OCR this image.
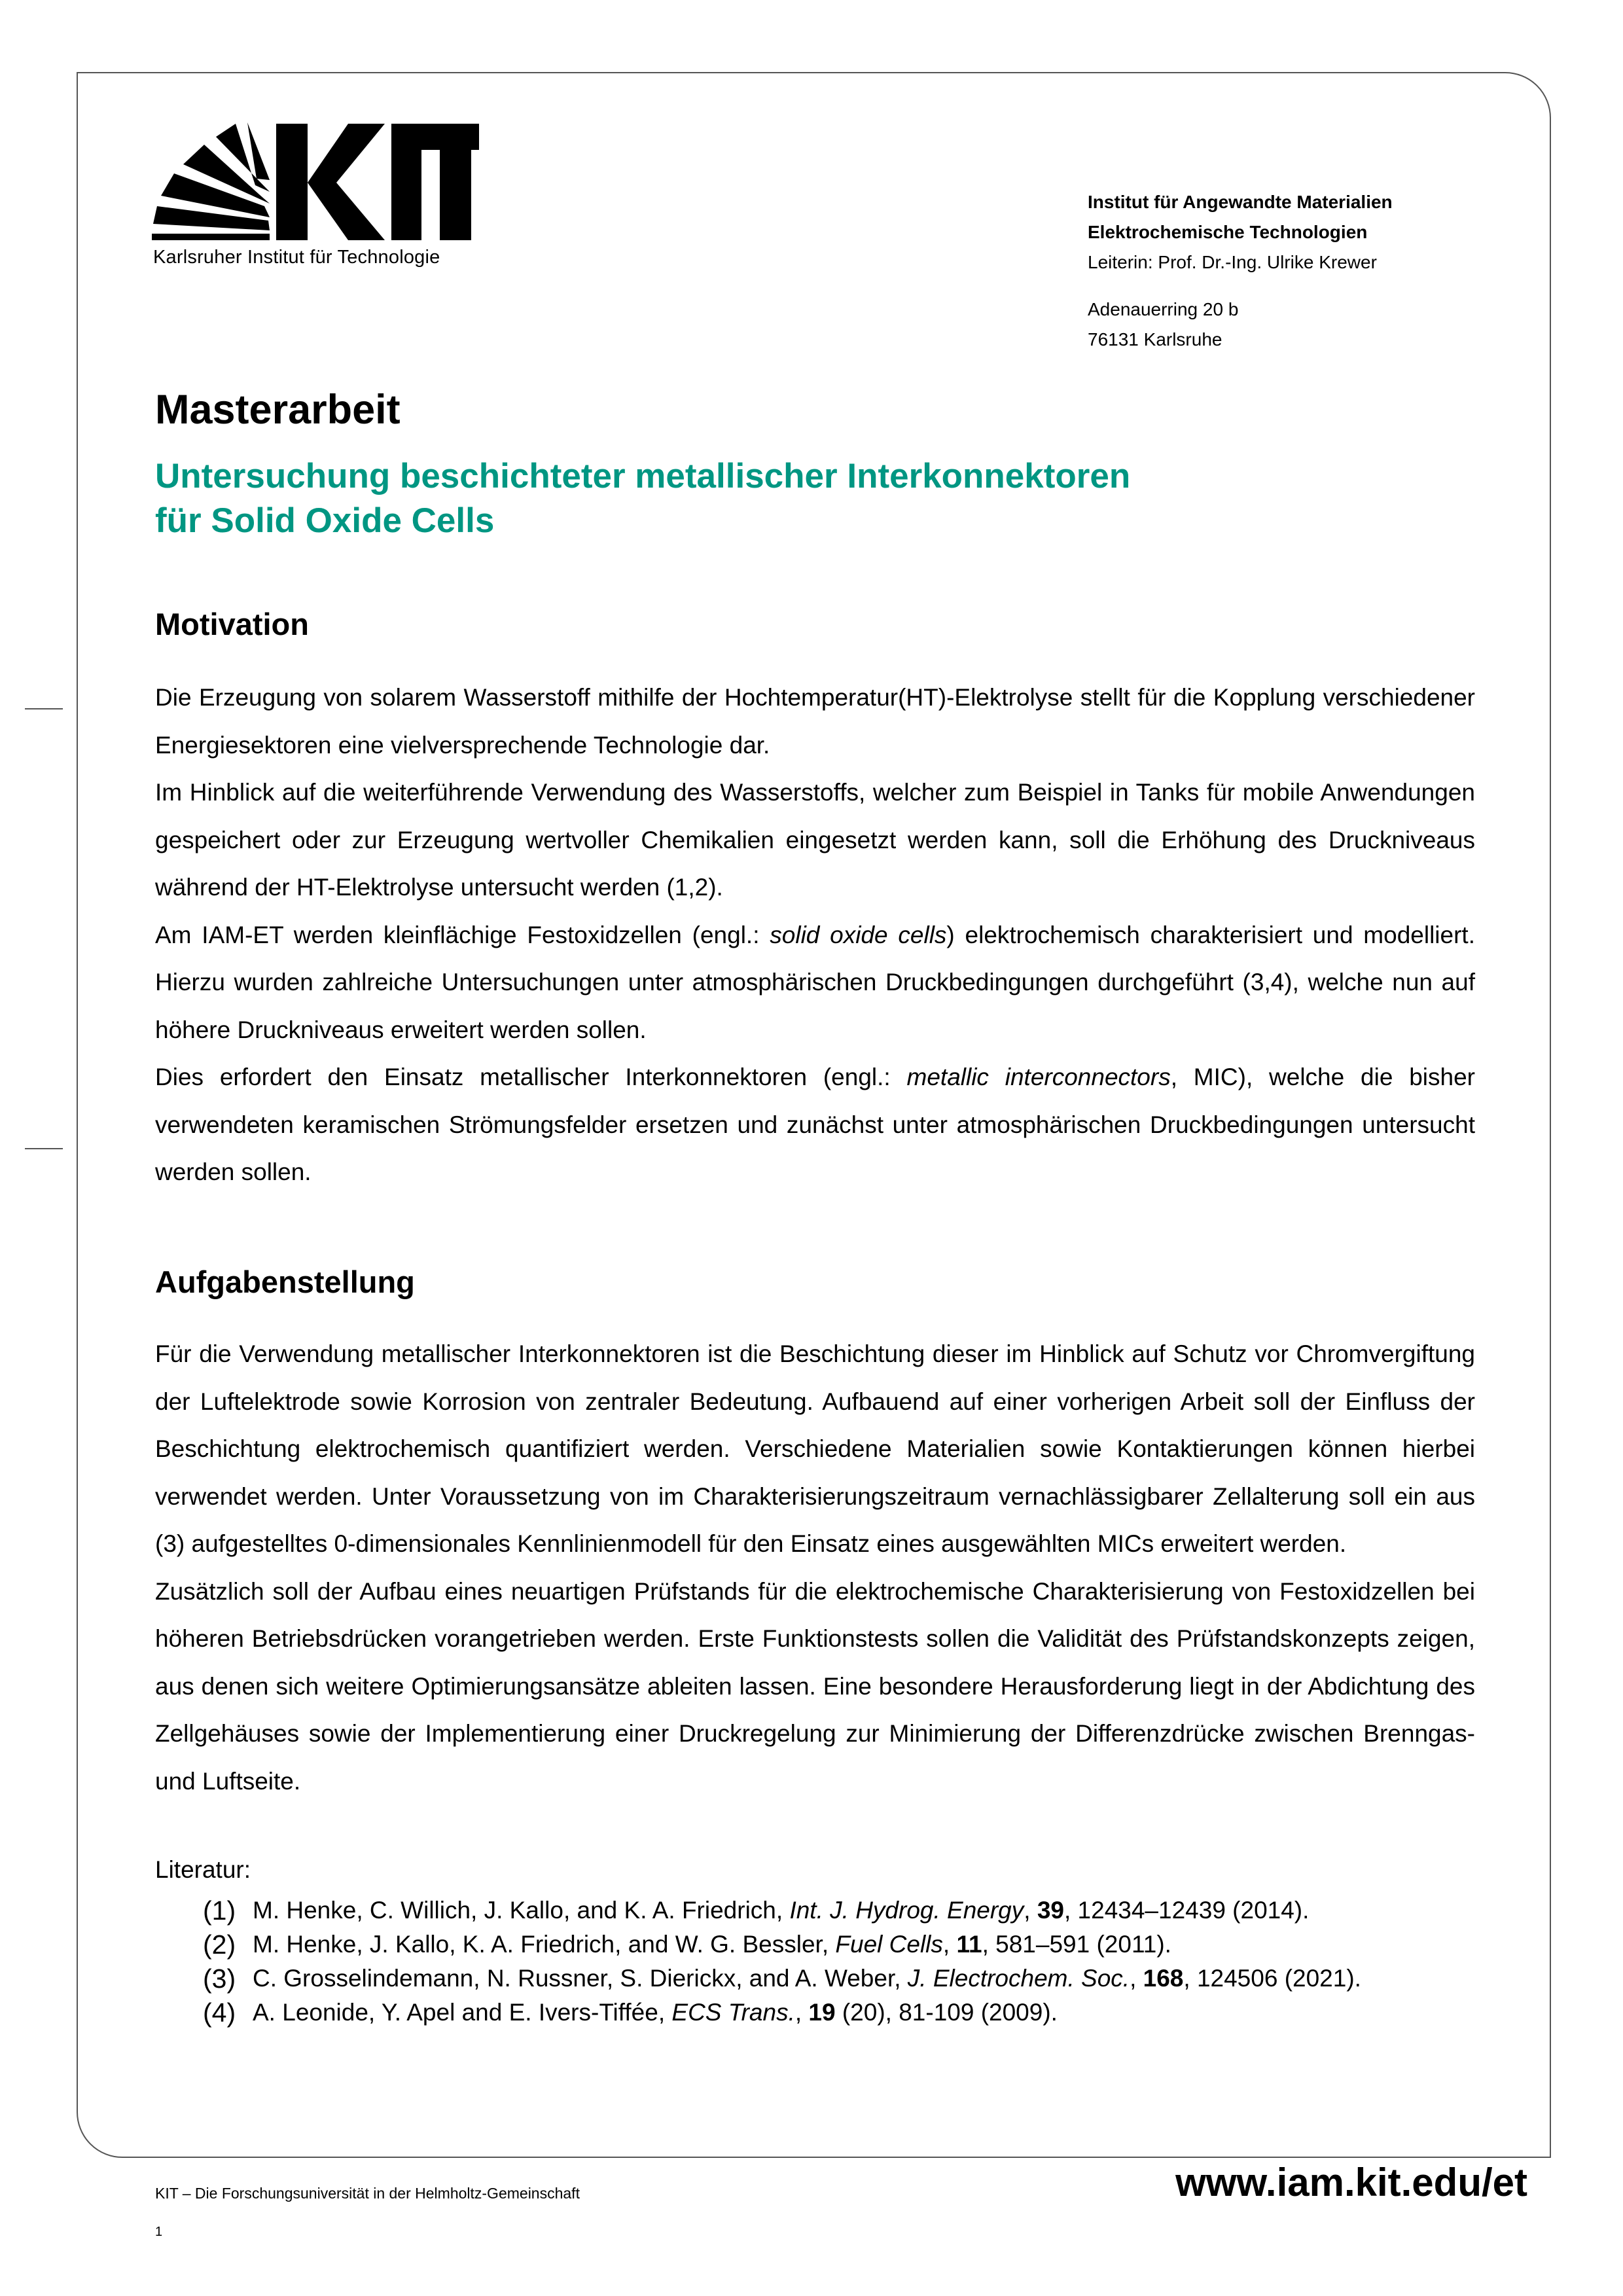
Karlsruher Institut für Technologie
Institut für Angewandte Materialien
Elektrochemische Technologien
Leiterin: Prof. Dr.-Ing. Ulrike Krewer
Adenauerring 20 b
76131 Karlsruhe
Masterarbeit
Untersuchung beschichteter metallischer Interkonnektoren
für Solid Oxide Cells
Motivation

Die Erzeugung von solarem Wasserstoff mithilfe der Hochtemperatur(HT)-Elektrolyse stellt für die Kopplung verschiedener Energiesektoren eine vielversprechende Technologie dar.

Im Hinblick auf die weiterführende Verwendung des Wasserstoffs, welcher zum Beispiel in Tanks für mobile Anwendungen gespeichert oder zur Erzeugung wertvoller Chemikalien eingesetzt werden kann, soll die Erhöhung des Druckniveaus während der HT-Elektrolyse untersucht werden (1,2).

Am IAM-ET werden kleinflächige Festoxidzellen (engl.: solid oxide cells) elektrochemisch charakterisiert und modelliert. Hierzu wurden zahlreiche Untersuchungen unter atmosphärischen Druckbedingungen durchgeführt (3,4), welche nun auf höhere Druckniveaus erweitert werden sollen.

Dies erfordert den Einsatz metallischer Interkonnektoren (engl.: metallic interconnectors, MIC), welche die bisher verwendeten keramischen Strömungsfelder ersetzen und zunächst unter atmosphärischen Druckbedingungen untersucht werden sollen.

Aufgabenstellung

Für die Verwendung metallischer Interkonnektoren ist die Beschichtung dieser im Hinblick auf Schutz vor Chromvergiftung der Luftelektrode sowie Korrosion von zentraler Bedeutung. Aufbauend auf einer vorherigen Arbeit soll der Einfluss der Beschichtung elektrochemisch quantifiziert werden. Verschiedene Materialien sowie Kontaktierungen können hierbei verwendet werden. Unter Voraussetzung von im Charakterisierungszeitraum vernachlässigbarer Zellalterung soll ein aus (3) aufgestelltes 0-dimensionales Kennlinienmodell für den Einsatz eines ausgewählten MICs erweitert werden.

Zusätzlich soll der Aufbau eines neuartigen Prüfstands für die elektrochemische Charakterisierung von Festoxidzellen bei höheren Betriebsdrücken vorangetrieben werden. Erste Funktionstests sollen die Validität des Prüfstandskonzepts zeigen, aus denen sich weitere Optimierungsansätze ableiten lassen. Eine besondere Herausforderung liegt in der Abdichtung des Zellgehäuses sowie der Implementierung einer Druckregelung zur Minimierung der Differenzdrücke zwischen Brenngas- und Luftseite.

Literatur:
(1) M. Henke, C. Willich, J. Kallo, and K. A. Friedrich, Int. J. Hydrog. Energy, 39, 12434–12439 (2014).
(2) M. Henke, J. Kallo, K. A. Friedrich, and W. G. Bessler, Fuel Cells, 11, 581–591 (2011).
(3) C. Grosselindemann, N. Russner, S. Dierickx, and A. Weber, J. Electrochem. Soc., 168, 124506 (2021).
(4) A. Leonide, Y. Apel and E. Ivers-Tiffée, ECS Trans., 19 (20), 81-109 (2009).
KIT – Die Forschungsuniversität in der Helmholtz-Gemeinschaft	www.iam.kit.edu/et
1
